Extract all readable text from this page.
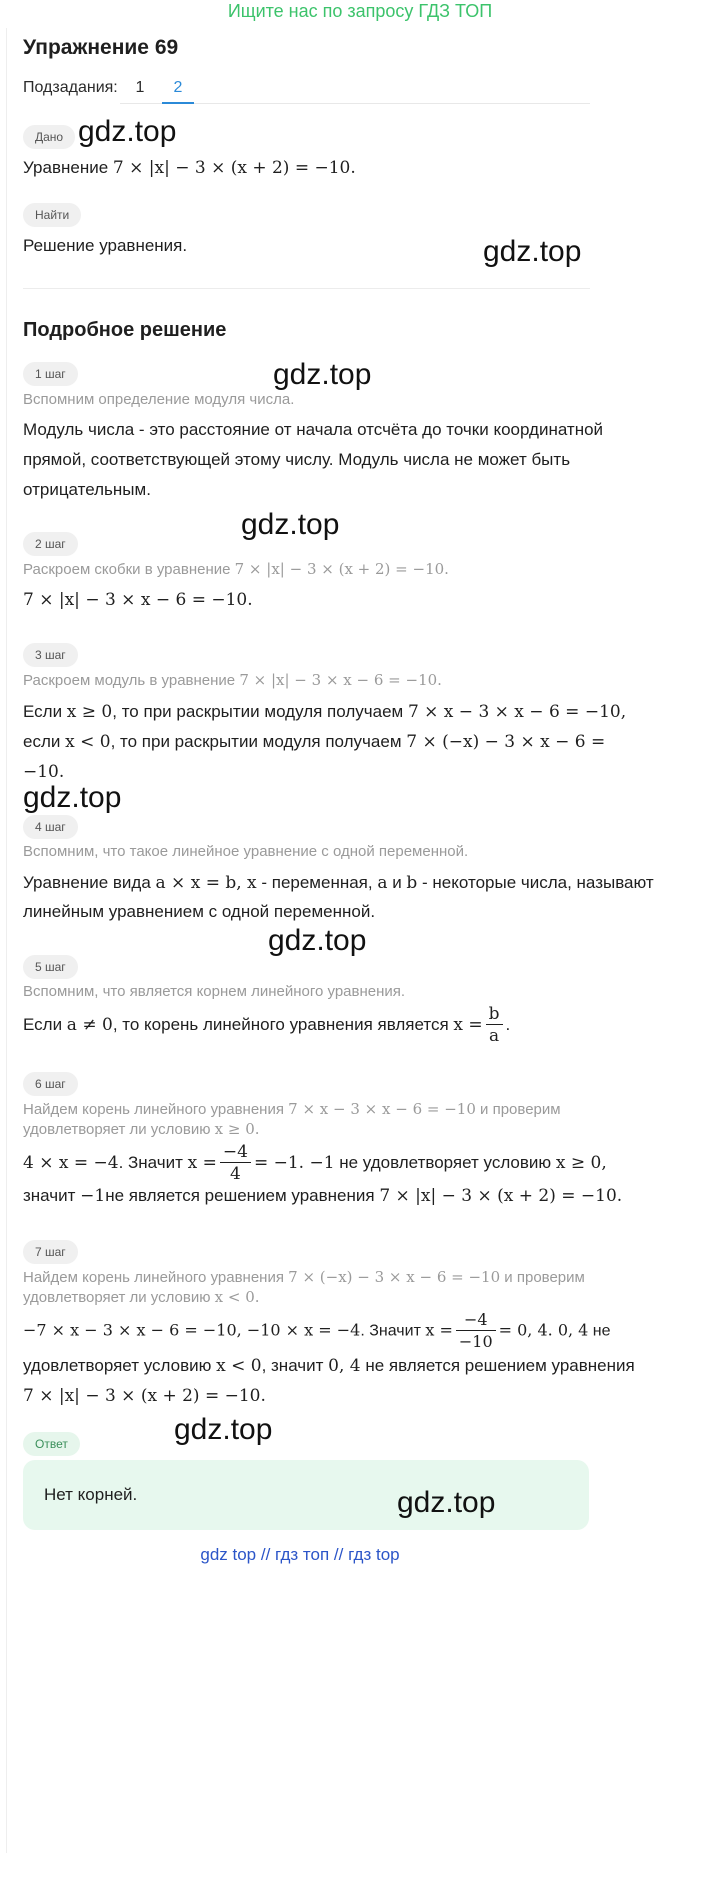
Ищите нас по запросу ГДЗ ТОП
Упражнение 69
Подзадания:	1	2
Дано gdz.top
Уравнение 7 × |x| − 3 × (x + 2) = −10.
Найти
Решение уравнения.	gdz.top
Подробное решение
1 шаг	gdz.top
Вспомним определение модуля числа.
Модуль числа - это расстояние от начала отсчёта до точки координатной
прямой, соответствующей этому числу. Модуль числа не может быть
отрицательным.
gdz.top
2 шаг
Раскроем скобки в уравнение 7 × |x| − 3 × (x + 2) = −10.
7 × |x| − 3 × x − 6 = −10.
3 шаг
Раскроем модуль в уравнение 7 × |x| − 3 × x − 6 = −10.
Если x ≥ 0, то при раскрытии модуля получаем 7 × x − 3 × x − 6 = −10,
если x < 0, то при раскрытии модуля получаем 7 × (−x) − 3 × x − 6 =
−10.
gdz.top
4 шаг
Вспомним, что такое линейное уравнение с одной переменной.
Уравнение вида a × x = b, x - переменная, a и b - некоторые числа, называют
линейным уравнением с одной переменной.
gdz.top
5 шаг
Вспомним, что является корнем линейного уравнения.
Если a ≠ 0, то корень линейного уравнения является $x = \frac{b}{a}$ .
6 шаг
Найдем корень линейного уравнения 7 × x − 3 × x − 6 = −10 и проверим
удовлетворяет ли условию x ≥ 0.
4 × x = −4. Значит $x = \frac{-4}{4} = -1$. −1 не удовлетворяет условию x ≥ 0,
значит −1не является решением уравнения 7 × |x| − 3 × (x + 2) = −10.
7 шаг
Найдем корень линейного уравнения 7 × (−x) − 3 × x − 6 = −10 и проверим
удовлетворяет ли условию x < 0.
−7 × x − 3 × x − 6 = −10, −10 × x = −4. Значит $x = \frac{-4}{-10} = 0$, 4. 0, 4 не
удовлетворяет условию x < 0, значит 0, 4 не является решением уравнения
7 × |x| − 3 × (x + 2) = −10.
gdz.top
Ответ
Нет корней.	gdz.top
gdz top // гдз топ // гдз top
